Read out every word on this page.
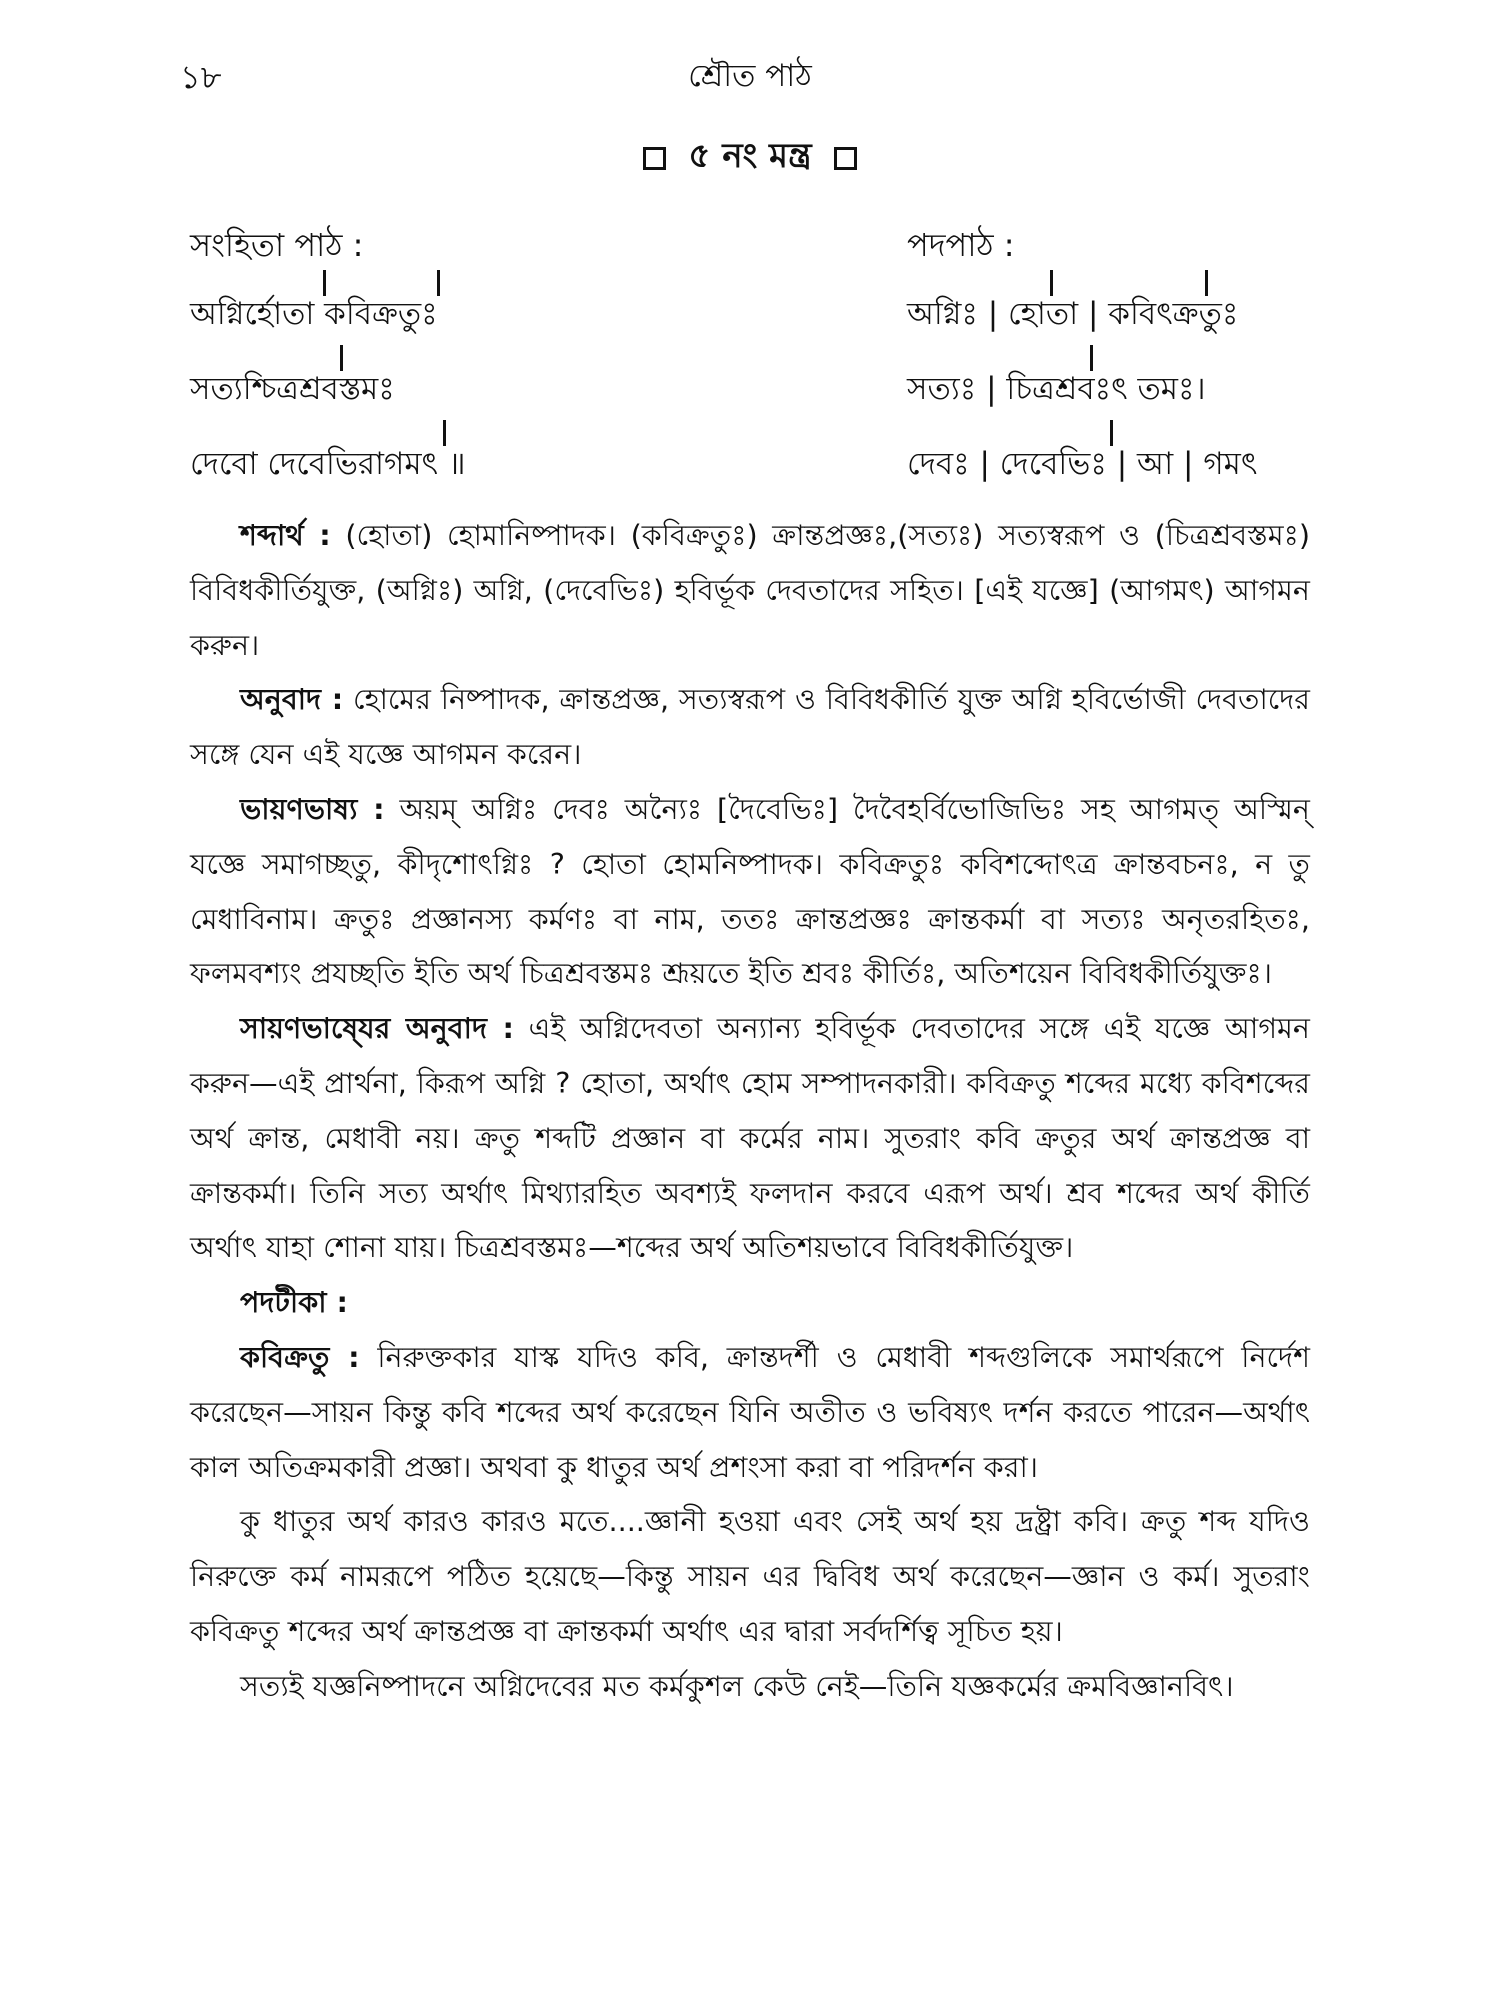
১৮	শ্রৌত পাঠ
৫ নং মন্ত্র
সংহিতা পাঠ :
অগ্নির্হোতা কবিক্রতুঃ
সত্যশ্চিত্রশ্রবস্তমঃ
দেবো দেবেভিরাগমৎ ॥
পদপাঠ :
অগ্নিঃ | হোতা | কবিৎক্রতুঃ
সত্যঃ | চিত্রশ্রবঃৎ তমঃ।
দেবঃ | দেবেভিঃ | আ | গমৎ

শব্দার্থ : (হোতা) হোমানিষ্পাদক। (কবিক্রতুঃ) ক্রান্তপ্রজ্ঞঃ,(সত্যঃ) সত্যস্বরূপ ও (চিত্রশ্রবস্তমঃ) বিবিধকীর্তিযুক্ত, (অগ্নিঃ) অগ্নি, (দেবেভিঃ) হবির্ভূক দেবতাদের সহিত। [এই যজ্ঞে] (আগমৎ) আগমন করুন।

অনুবাদ : হোমের নিষ্পাদক, ক্রান্তপ্রজ্ঞ, সত্যস্বরূপ ও বিবিধকীর্তি যুক্ত অগ্নি হবির্ভোজী দেবতাদের সঙ্গে যেন এই যজ্ঞে আগমন করেন।

ভায়ণভাষ্য : অয়ম্ অগ্নিঃ দেবঃ অন্যৈঃ [দৈবেভিঃ] দৈবৈহর্বিভোজিভিঃ সহ আগমত্ অস্মিন্ যজ্ঞে সমাগচ্ছতু, কীদৃশোৎগ্নিঃ ? হোতা হোমনিষ্পাদক। কবিক্রতুঃ কবিশব্দোৎত্র ক্রান্তবচনঃ, ন তু মেধাবিনাম। ক্রতুঃ প্রজ্ঞানস্য কর্মণঃ বা নাম, ততঃ ক্রান্তপ্রজ্ঞঃ ক্রান্তকর্মা বা সত্যঃ অনৃতরহিতঃ, ফলমবশ্যং প্রযচ্ছতি ইতি অর্থ চিত্রশ্রবস্তমঃ শ্রূয়তে ইতি শ্রবঃ কীর্তিঃ, অতিশয়েন বিবিধকীর্তিযুক্তঃ।

সায়ণভাষে্যর অনুবাদ : এই অগ্নিদেবতা অন্যান্য হবির্ভূক দেবতাদের সঙ্গে এই যজ্ঞে আগমন করুন—এই প্রার্থনা, কিরূপ অগ্নি ? হোতা, অর্থাৎ হোম সম্পাদনকারী। কবিক্রতু শব্দের মধ্যে কবিশব্দের অর্থ ক্রান্ত, মেধাবী নয়। ক্রতু শব্দটি প্রজ্ঞান বা কর্মের নাম। সুতরাং কবি ক্রতুর অর্থ ক্রান্তপ্রজ্ঞ বা ক্রান্তকর্মা। তিনি সত্য অর্থাৎ মিথ্যারহিত অবশ্যই ফলদান করবে এরূপ অর্থ। শ্রব শব্দের অর্থ কীর্তি অর্থাৎ যাহা শোনা যায়। চিত্রশ্রবস্তমঃ—শব্দের অর্থ অতিশয়ভাবে বিবিধকীর্তিযুক্ত।

পদটীকা :

কবিক্রতু : নিরুক্তকার যাস্ক যদিও কবি, ক্রান্তদর্শী ও মেধাবী শব্দগুলিকে সমার্থরূপে নির্দেশ করেছেন—সায়ন কিন্তু কবি শব্দের অর্থ করেছেন যিনি অতীত ও ভবিষ্যৎ দর্শন করতে পারেন—অর্থাৎ কাল অতিক্রমকারী প্রজ্ঞা। অথবা কু ধাতুর অর্থ প্রশংসা করা বা পরিদর্শন করা।

কু ধাতুর অর্থ কারও কারও মতে....জ্ঞানী হওয়া এবং সেই অর্থ হয় দ্রষ্ট্রা কবি। ক্রতু শব্দ যদিও নিরুক্তে কর্ম নামরূপে পঠিত হয়েছে—কিন্তু সায়ন এর দ্বিবিধ অর্থ করেছেন—জ্ঞান ও কর্ম। সুতরাং কবিক্রতু শব্দের অর্থ ক্রান্তপ্রজ্ঞ বা ক্রান্তকর্মা অর্থাৎ এর দ্বারা সর্বদর্শিত্ব সূচিত হয়।

সত্যই যজ্ঞনিষ্পাদনে অগ্নিদেবের মত কর্মকুশল কেউ নেই—তিনি যজ্ঞকর্মের ক্রমবিজ্ঞানবিৎ।
